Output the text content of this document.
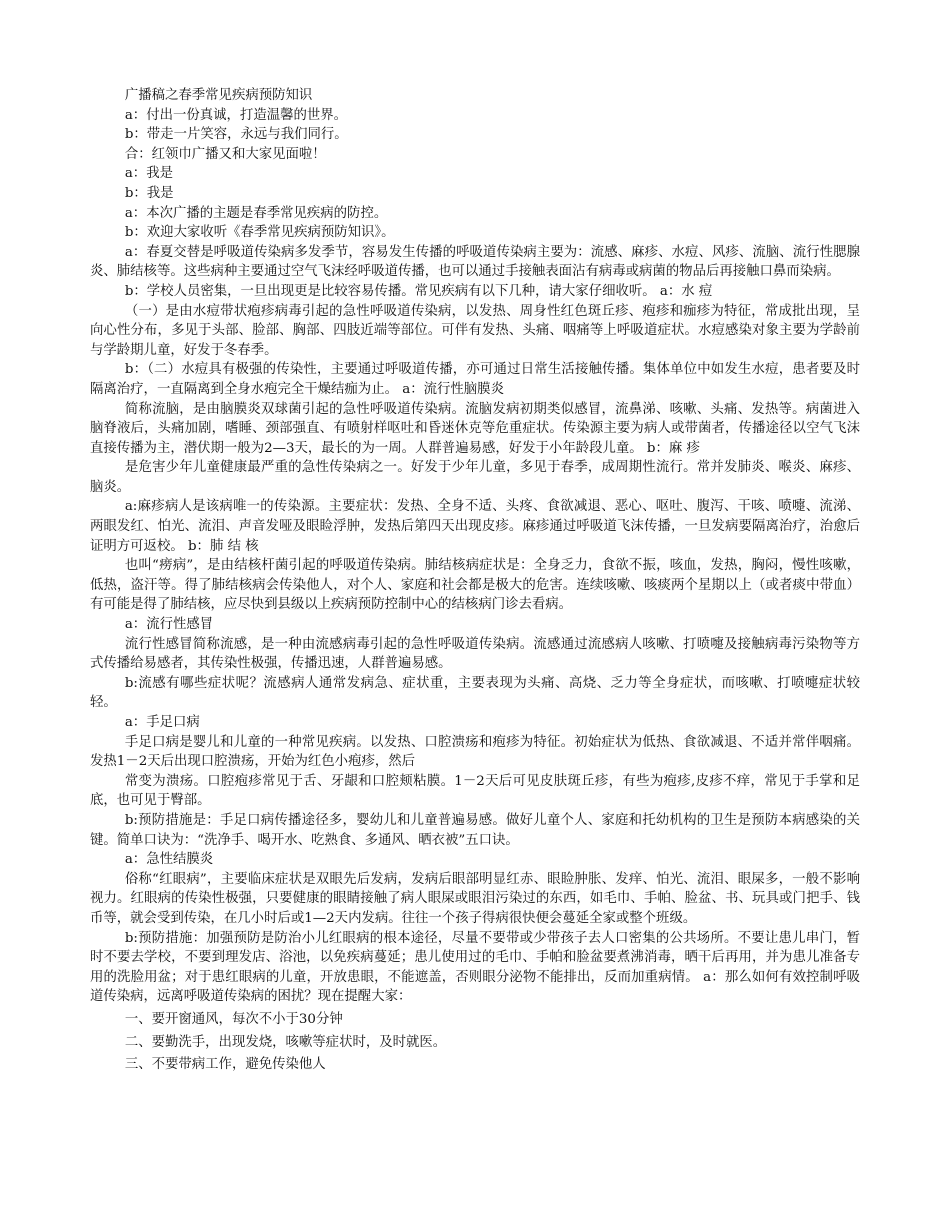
广播稿之春季常见疾病预防知识

a：付出一份真诚，打造温馨的世界。

b：带走一片笑容，永远与我们同行。

合：红领巾广播又和大家见面啦！

a：我是

b：我是

a：本次广播的主题是春季常见疾病的防控。

b：欢迎大家收听《春季常见疾病预防知识》。

a：春夏交替是呼吸道传染病多发季节，容易发生传播的呼吸道传染病主要为：流感、麻疹、水痘、风疹、流脑、流行性腮腺炎、肺结核等。这些病种主要通过空气飞沫经呼吸道传播，也可以通过手接触表面沾有病毒或病菌的物品后再接触口鼻而染病。

b：学校人员密集，一旦出现更是比较容易传播。常见疾病有以下几种，请大家仔细收听。 a：水 痘

（一）是由水痘带状疱疹病毒引起的急性呼吸道传染病，以发热、周身性红色斑丘疹、疱疹和痂疹为特征，常成批出现，呈向心性分布，多见于头部、脸部、胸部、四肢近端等部位。可伴有发热、头痛、咽痛等上呼吸道症状。水痘感染对象主要为学龄前与学龄期儿童，好发于冬春季。

b：（二）水痘具有极强的传染性，主要通过呼吸道传播，亦可通过日常生活接触传播。集体单位中如发生水痘，患者要及时隔离治疗，一直隔离到全身水疱完全干燥结痂为止。 a：流行性脑膜炎

简称流脑，是由脑膜炎双球菌引起的急性呼吸道传染病。流脑发病初期类似感冒，流鼻涕、咳嗽、头痛、发热等。病菌进入脑脊液后，头痛加剧，嗜睡、颈部强直、有喷射样呕吐和昏迷休克等危重症状。传染源主要为病人或带菌者，传播途径以空气飞沫直接传播为主，潜伏期一般为2—3天，最长的为一周。人群普遍易感，好发于小年龄段儿童。 b：麻 疹

是危害少年儿童健康最严重的急性传染病之一。好发于少年儿童，多见于春季，成周期性流行。常并发肺炎、喉炎、麻疹、脑炎。

a:麻疹病人是该病唯一的传染源。主要症状：发热、全身不适、头疼、食欲减退、恶心、呕吐、腹泻、干咳、喷嚏、流涕、两眼发红、怕光、流泪、声音发哑及眼睑浮肿，发热后第四天出现皮疹。麻疹通过呼吸道飞沫传播，一旦发病要隔离治疗，治愈后证明方可返校。 b：肺 结 核

也叫“痨病”，是由结核杆菌引起的呼吸道传染病。肺结核病症状是：全身乏力，食欲不振，咳血，发热，胸闷，慢性咳嗽，低热，盗汗等。得了肺结核病会传染他人，对个人、家庭和社会都是极大的危害。连续咳嗽、咳痰两个星期以上（或者痰中带血）有可能是得了肺结核，应尽快到县级以上疾病预防控制中心的结核病门诊去看病。

a：流行性感冒

流行性感冒简称流感，是一种由流感病毒引起的急性呼吸道传染病。流感通过流感病人咳嗽、打喷嚏及接触病毒污染物等方式传播给易感者，其传染性极强，传播迅速，人群普遍易感。

b:流感有哪些症状呢？流感病人通常发病急、症状重，主要表现为头痛、高烧、乏力等全身症状，而咳嗽、打喷嚏症状较轻。

a：手足口病

手足口病是婴儿和儿童的一种常见疾病。以发热、口腔溃疡和疱疹为特征。初始症状为低热、食欲减退、不适并常伴咽痛。发热1－2天后出现口腔溃疡，开始为红色小疱疹，然后

常变为溃疡。口腔疱疹常见于舌、牙龈和口腔颊粘膜。1－2天后可见皮肤斑丘疹，有些为疱疹,皮疹不痒，常见于手掌和足底，也可见于臀部。

b:预防措施是：手足口病传播途径多，婴幼儿和儿童普遍易感。做好儿童个人、家庭和托幼机构的卫生是预防本病感染的关键。简单口诀为：“洗净手、喝开水、吃熟食、多通风、晒衣被”五口诀。

a：急性结膜炎

俗称“红眼病”，主要临床症状是双眼先后发病，发病后眼部明显红赤、眼睑肿胀、发痒、怕光、流泪、眼屎多，一般不影响视力。红眼病的传染性极强，只要健康的眼睛接触了病人眼屎或眼泪污染过的东西，如毛巾、手帕、脸盆、书、玩具或门把手、钱币等，就会受到传染，在几小时后或1—2天内发病。往往一个孩子得病很快便会蔓延全家或整个班级。

b:预防措施：加强预防是防治小儿红眼病的根本途径，尽量不要带或少带孩子去人口密集的公共场所。不要让患儿串门，暂时不要去学校，不要到理发店、浴池，以免疾病蔓延；患儿使用过的毛巾、手帕和脸盆要煮沸消毒，晒干后再用，并为患儿准备专用的洗脸用盆；对于患红眼病的儿童，开放患眼，不能遮盖，否则眼分泌物不能排出，反而加重病情。 a：那么如何有效控制呼吸道传染病，远离呼吸道传染病的困扰？现在提醒大家：

一、要开窗通风，每次不小于30分钟

二、要勤洗手，出现发烧，咳嗽等症状时，及时就医。

三、不要带病工作，避免传染他人
